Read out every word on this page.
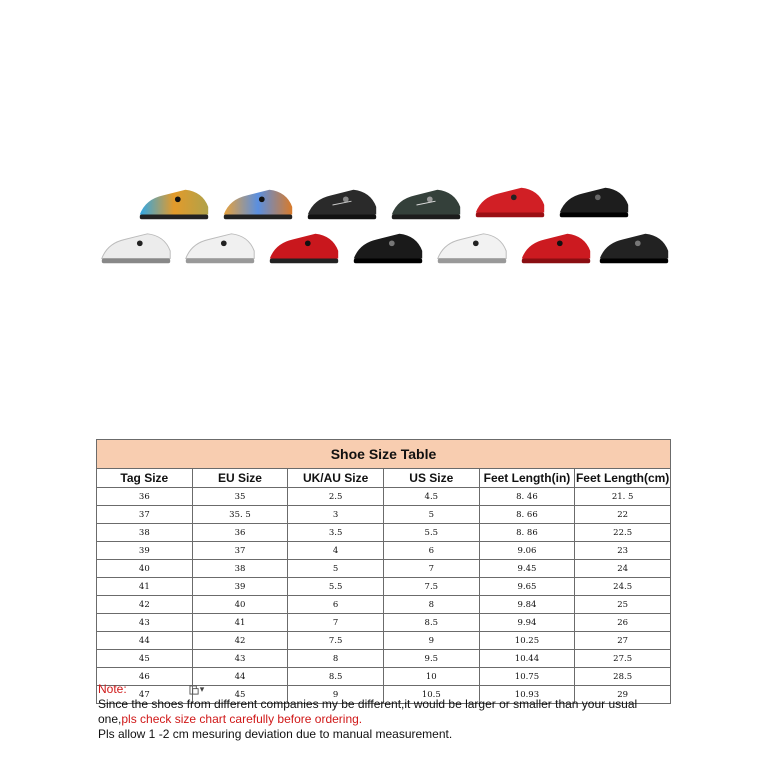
Shoe Size Table					
Tag Size	EU Size	UK/AU Size	US Size	Feet Length(in)	Feet Length(cm)
36	35	2.5	4.5	8. 46	21. 5
37	35. 5	3	5	8. 66	22
38	36	3.5	5.5	8. 86	22.5
39	37	4	6	9.06	23
40	38	5	7	9.45	24
41	39	5.5	7.5	9.65	24.5
42	40	6	8	9.84	25
43	41	7	8.5	9.94	26
44	42	7.5	9	10.25	27
45	43	8	9.5	10.44	27.5
46	44	8.5	10	10.75	28.5
47	45	9	10.5	10.93	29
Note:	▾
Since the shoes from different companies my be different,it would be larger or smaller than your usual
one,pls check size chart carefully before ordering.
Pls allow 1 -2 cm mesuring deviation due to manual measurement.
